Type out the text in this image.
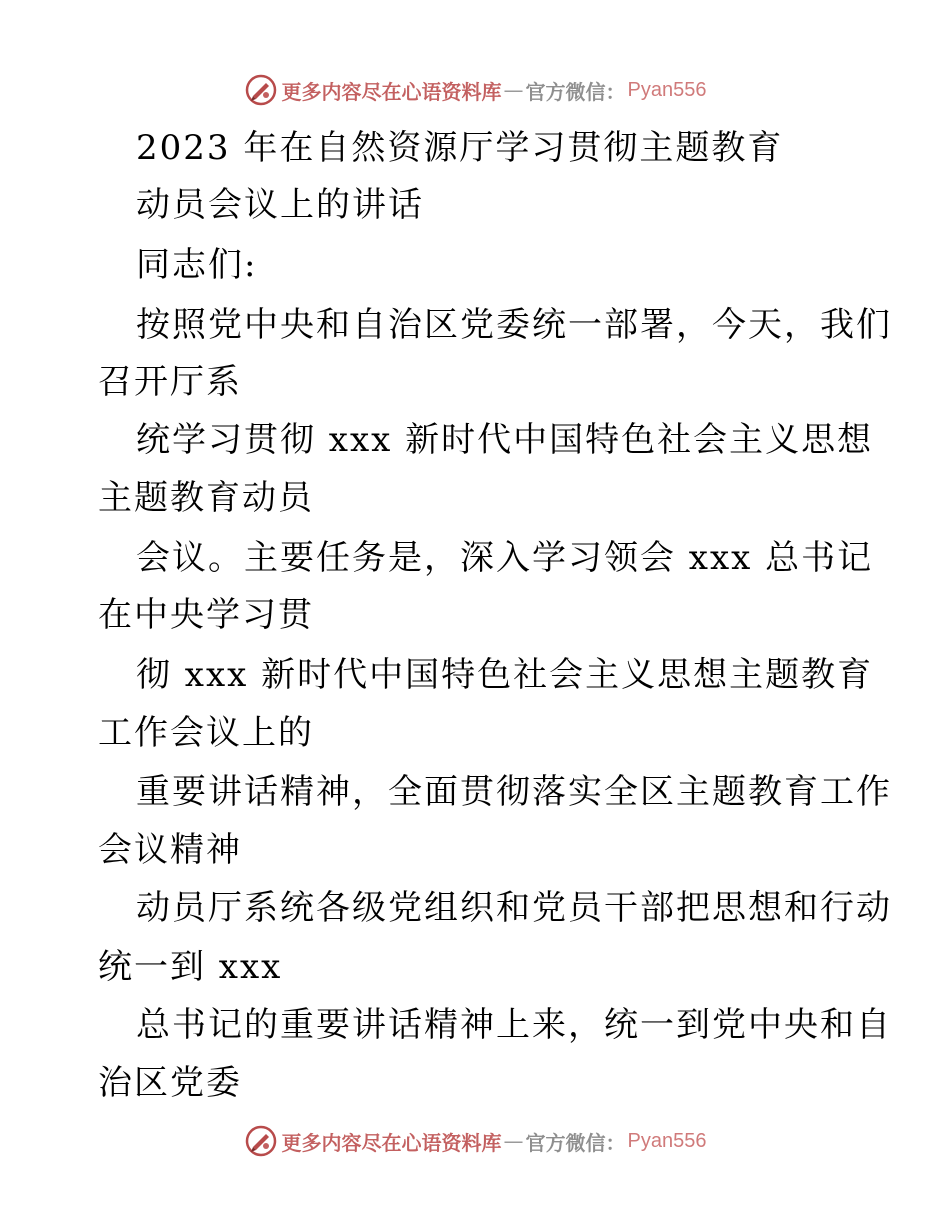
更多内容尽在心语资料库 — 官方微信： Pyan556
2023 年在自然资源厅学习贯彻主题教育
动员会议上的讲话
同志们:
按照党中央和自治区党委统一部署，今天，我们
召开厅系
统学习贯彻 xxx 新时代中国特色社会主义思想
主题教育动员
会议。主要任务是，深入学习领会 xxx 总书记
在中央学习贯
彻 xxx 新时代中国特色社会主义思想主题教育
工作会议上的
重要讲话精神，全面贯彻落实全区主题教育工作
会议精神
动员厅系统各级党组织和党员干部把思想和行动
统一到 xxx
总书记的重要讲话精神上来，统一到党中央和自
治区党委
更多内容尽在心语资料库 — 官方微信： Pyan556
